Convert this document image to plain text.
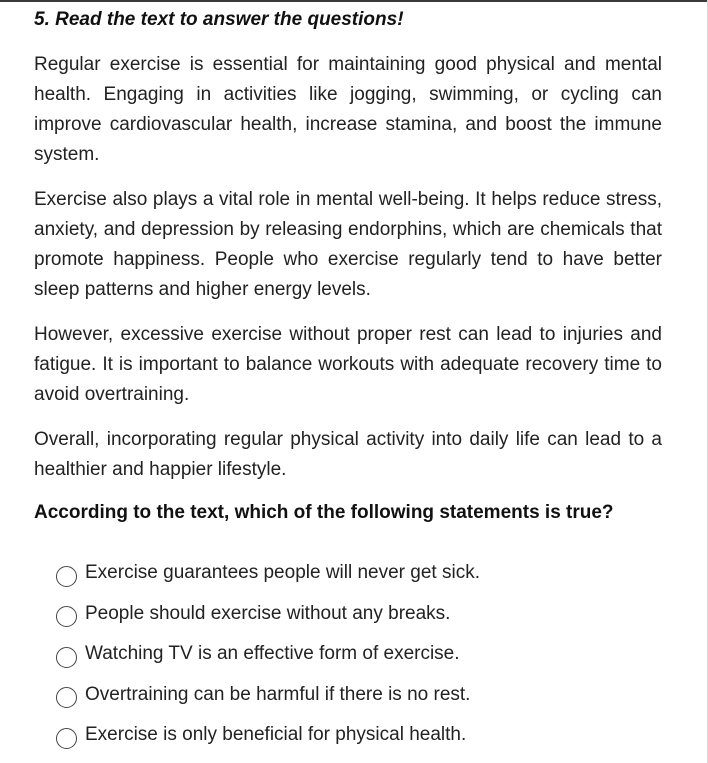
5. Read the text to answer the questions!

Regular exercise is essential for maintaining good physical and mental health. Engaging in activities like jogging, swimming, or cycling can improve cardiovascular health, increase stamina, and boost the immune system.

Exercise also plays a vital role in mental well-being. It helps reduce stress, anxiety, and depression by releasing endorphins, which are chemicals that promote happiness. People who exercise regularly tend to have better sleep patterns and higher energy levels.

However, excessive exercise without proper rest can lead to injuries and fatigue. It is important to balance workouts with adequate recovery time to avoid overtraining.

Overall, incorporating regular physical activity into daily life can lead to a healthier and happier lifestyle.

According to the text, which of the following statements is true?
Exercise guarantees people will never get sick.
People should exercise without any breaks.
Watching TV is an effective form of exercise.
Overtraining can be harmful if there is no rest.
Exercise is only beneficial for physical health.
